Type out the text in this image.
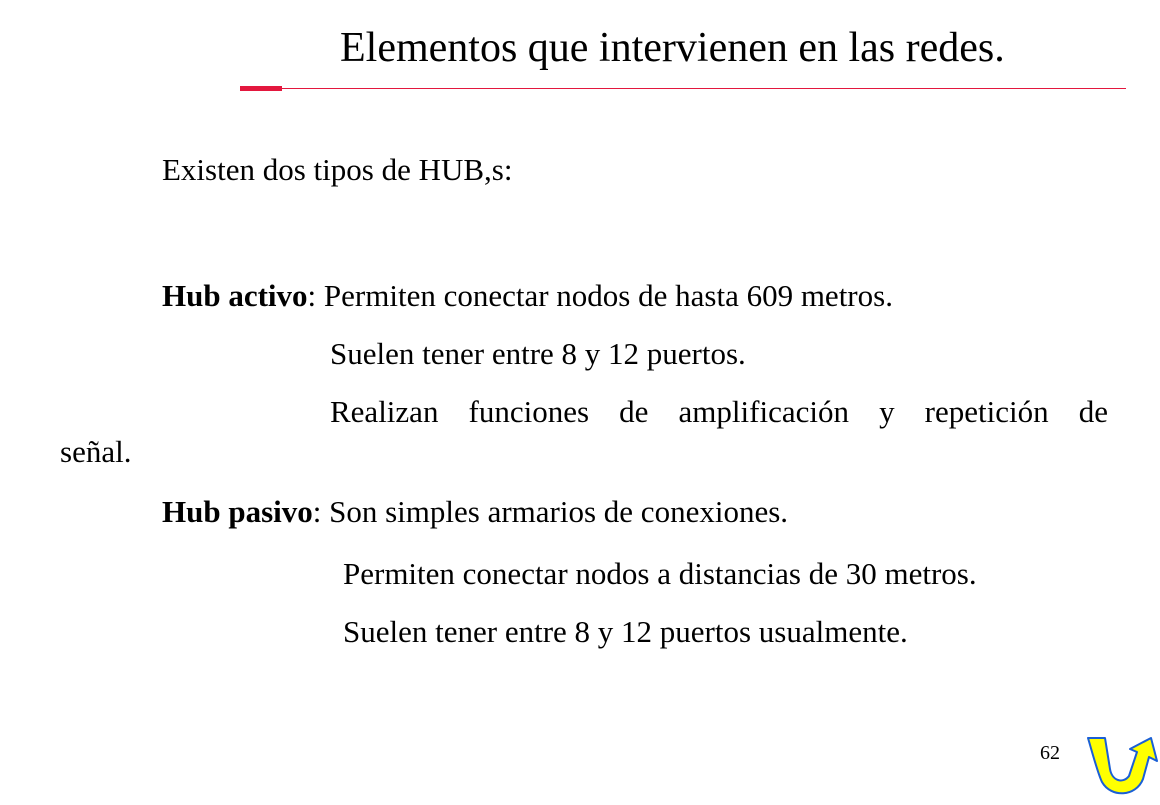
Elementos que intervienen en las redes.
Existen dos tipos de HUB,s:
Hub activo: Permiten conectar nodos de hasta 609 metros.
Suelen tener entre 8 y 12 puertos.
Realizan funciones de amplificación y repetición de
señal.
Hub pasivo: Son simples armarios de conexiones.
Permiten conectar nodos a distancias de 30 metros.
Suelen tener entre 8 y 12 puertos usualmente.
62
